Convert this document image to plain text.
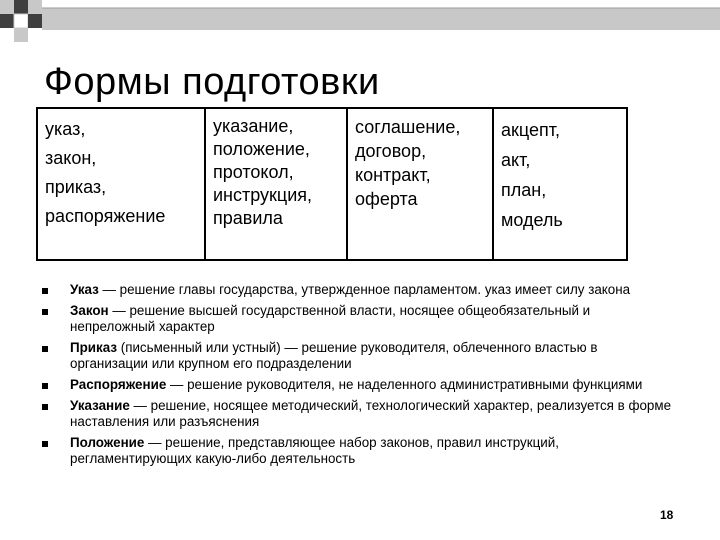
Формы подготовки
указ,
закон,
приказ,
распоряжение
указание,
положение,
протокол,
инструкция,
правила
соглашение,
договор,
контракт,
оферта
акцепт,
акт,
план,
модель
Указ — решение главы государства, утвержденное парламентом. указ имеет силу закона
Закон — решение высшей государственной власти, носящее общеобязательный и непреложный характер
Приказ (письменный или устный) — решение руководителя, облеченного властью в организации или крупном его подразделении
Распоряжение — решение руководителя, не наделенного административными функциями
Указание — решение, носящее методический, технологический характер, реализуется в форме наставления или разъяснения
Положение — решение, представляющее набор законов, правил инструкций, регламентирующих какую-либо деятельность
18
